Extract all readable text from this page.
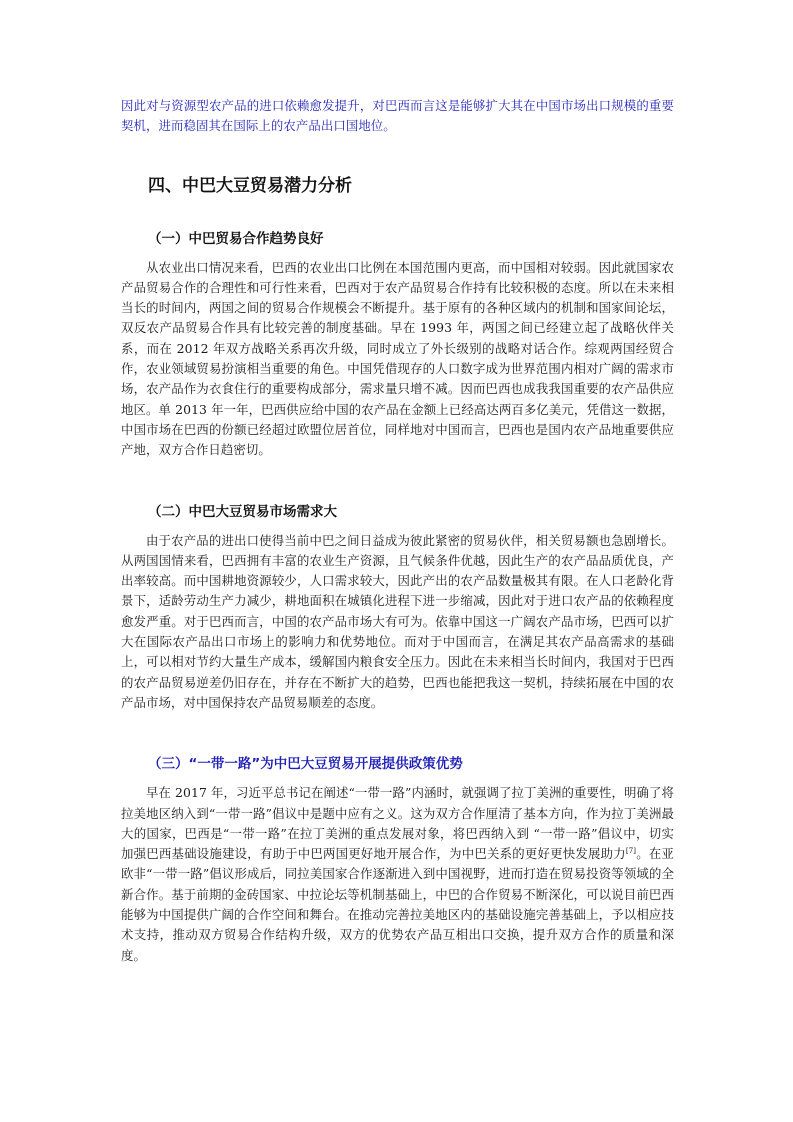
因此对与资源型农产品的进口依赖愈发提升，对巴西而言这是能够扩大其在中国市场出口规模的重要契机，进而稳固其在国际上的农产品出口国地位。

四、中巴大豆贸易潜力分析
（一）中巴贸易合作趋势良好

从农业出口情况来看，巴西的农业出口比例在本国范围内更高，而中国相对较弱。因此就国家农产品贸易合作的合理性和可行性来看，巴西对于农产品贸易合作持有比较积极的态度。所以在未来相当长的时间内，两国之间的贸易合作规模会不断提升。基于原有的各种区域内的机制和国家间论坛，双反农产品贸易合作具有比较完善的制度基础。早在 1993 年，两国之间已经建立起了战略伙伴关系，而在 2012 年双方战略关系再次升级，同时成立了外长级别的战略对话合作。综观两国经贸合作，农业领域贸易扮演相当重要的角色。中国凭借现存的人口数字成为世界范围内相对广阔的需求市场，农产品作为衣食住行的重要构成部分，需求量只增不减。因而巴西也成我我国重要的农产品供应地区。单 2013 年一年，巴西供应给中国的农产品在金额上已经高达两百多亿美元，凭借这一数据，中国市场在巴西的份额已经超过欧盟位居首位，同样地对中国而言，巴西也是国内农产品地重要供应产地，双方合作日趋密切。

（二）中巴大豆贸易市场需求大

由于农产品的进出口使得当前中巴之间日益成为彼此紧密的贸易伙伴，相关贸易额也急剧增长。从两国国情来看，巴西拥有丰富的农业生产资源，且气候条件优越，因此生产的农产品品质优良，产出率较高。而中国耕地资源较少，人口需求较大，因此产出的农产品数量极其有限。在人口老龄化背景下，适龄劳动生产力减少，耕地面积在城镇化进程下进一步缩减，因此对于进口农产品的依赖程度愈发严重。对于巴西而言，中国的农产品市场大有可为。依靠中国这一广阔农产品市场，巴西可以扩大在国际农产品出口市场上的影响力和优势地位。而对于中国而言，在满足其农产品高需求的基础上，可以相对节约大量生产成本，缓解国内粮食安全压力。因此在未来相当长时间内，我国对于巴西的农产品贸易逆差仍旧存在，并存在不断扩大的趋势，巴西也能把我这一契机，持续拓展在中国的农产品市场，对中国保持农产品贸易顺差的态度。

（三）“一带一路”为中巴大豆贸易开展提供政策优势

早在 2017 年，习近平总书记在阐述“一带一路”内涵时，就强调了拉丁美洲的重要性，明确了将拉美地区纳入到“一带一路”倡议中是题中应有之义。这为双方合作厘清了基本方向，作为拉丁美洲最大的国家，巴西是“一带一路”在拉丁美洲的重点发展对象，将巴西纳入到 “一带一路”倡议中，切实加强巴西基础设施建设，有助于中巴两国更好地开展合作，为中巴关系的更好更快发展助力[7]。在亚欧非“一带一路”倡议形成后，同拉美国家合作逐渐进入到中国视野，进而打造在贸易投资等领域的全新合作。基于前期的金砖国家、中拉论坛等机制基础上，中巴的合作贸易不断深化，可以说目前巴西能够为中国提供广阔的合作空间和舞台。在推动完善拉美地区内的基础设施完善基础上，予以相应技术支持，推动双方贸易合作结构升级，双方的优势农产品互相出口交换，提升双方合作的质量和深度。
